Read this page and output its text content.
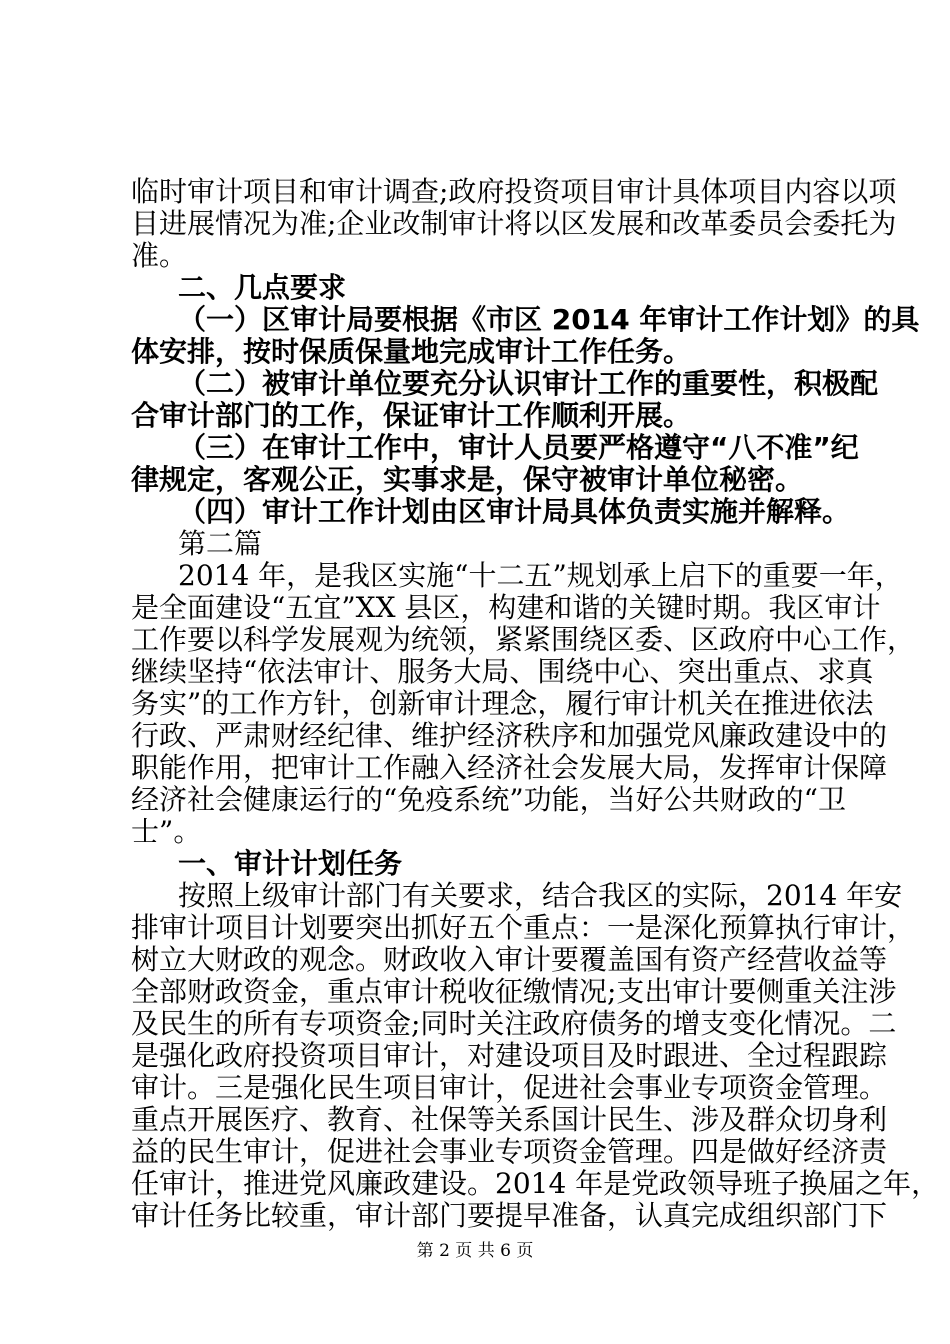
临时审计项目和审计调查;政府投资项目审计具体项目内容以项
目进展情况为准;企业改制审计将以区发展和改革委员会委托为
准。
二、几点要求
（一）区审计局要根据《市区 2014 年审计工作计划》的具
体安排，按时保质保量地完成审计工作任务。
（二）被审计单位要充分认识审计工作的重要性，积极配
合审计部门的工作，保证审计工作顺利开展。
（三）在审计工作中，审计人员要严格遵守“八不准”纪
律规定，客观公正，实事求是，保守被审计单位秘密。
（四）审计工作计划由区审计局具体负责实施并解释。
第二篇
2014 年，是我区实施“十二五”规划承上启下的重要一年，
是全面建设“五宜”XX 县区，构建和谐的关键时期。我区审计
工作要以科学发展观为统领，紧紧围绕区委、区政府中心工作，
继续坚持“依法审计、服务大局、围绕中心、突出重点、求真
务实”的工作方针，创新审计理念，履行审计机关在推进依法
行政、严肃财经纪律、维护经济秩序和加强党风廉政建设中的
职能作用，把审计工作融入经济社会发展大局，发挥审计保障
经济社会健康运行的“免疫系统”功能，当好公共财政的“卫
士”。
一、审计计划任务
按照上级审计部门有关要求，结合我区的实际，2014 年安
排审计项目计划要突出抓好五个重点：一是深化预算执行审计，
树立大财政的观念。财政收入审计要覆盖国有资产经营收益等
全部财政资金，重点审计税收征缴情况;支出审计要侧重关注涉
及民生的所有专项资金;同时关注政府债务的增支变化情况。二
是强化政府投资项目审计，对建设项目及时跟进、全过程跟踪
审计。三是强化民生项目审计，促进社会事业专项资金管理。
重点开展医疗、教育、社保等关系国计民生、涉及群众切身利
益的民生审计，促进社会事业专项资金管理。四是做好经济责
任审计，推进党风廉政建设。2014 年是党政领导班子换届之年，
审计任务比较重，审计部门要提早准备，认真完成组织部门下
第 2 页 共 6 页
